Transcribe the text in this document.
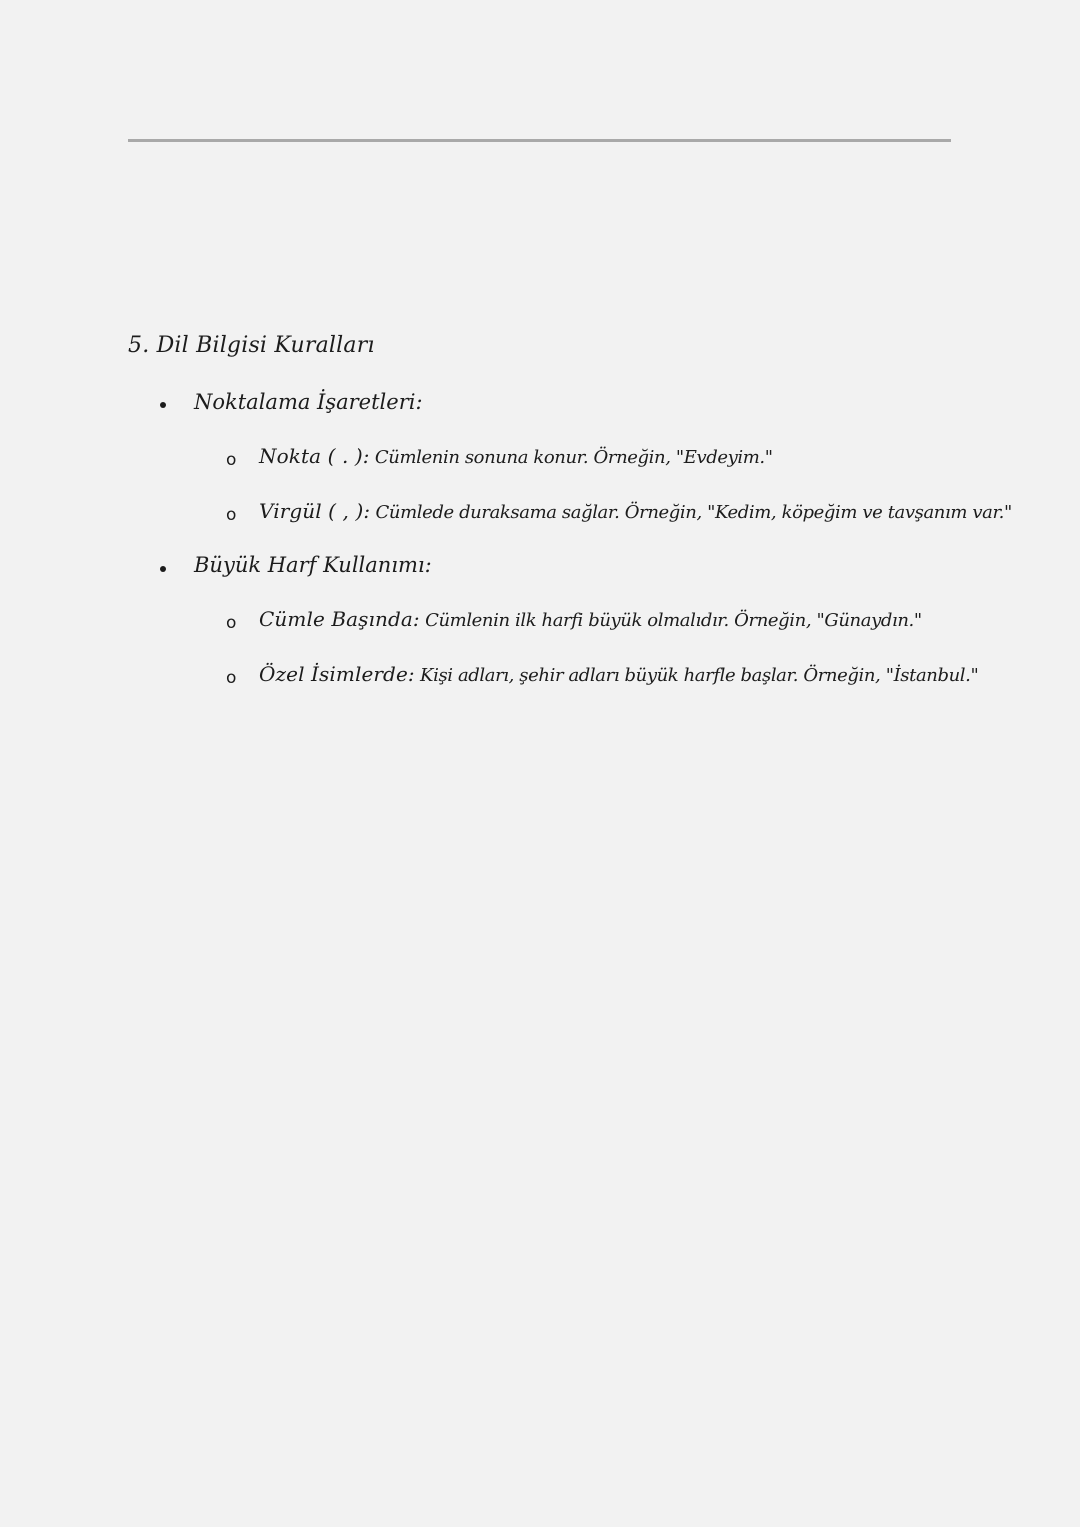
5. Dil Bilgisi Kuralları
Noktalama İşaretleri:
o Nokta ( . ): Cümlenin sonuna konur. Örneğin, "Evdeyim."
o Virgül ( , ): Cümlede duraksama sağlar. Örneğin, "Kedim, köpeğim ve tavşanım var."
Büyük Harf Kullanımı:
o Cümle Başında: Cümlenin ilk harfi büyük olmalıdır. Örneğin, "Günaydın."
o Özel İsimlerde: Kişi adları, şehir adları büyük harfle başlar. Örneğin, "İstanbul."
